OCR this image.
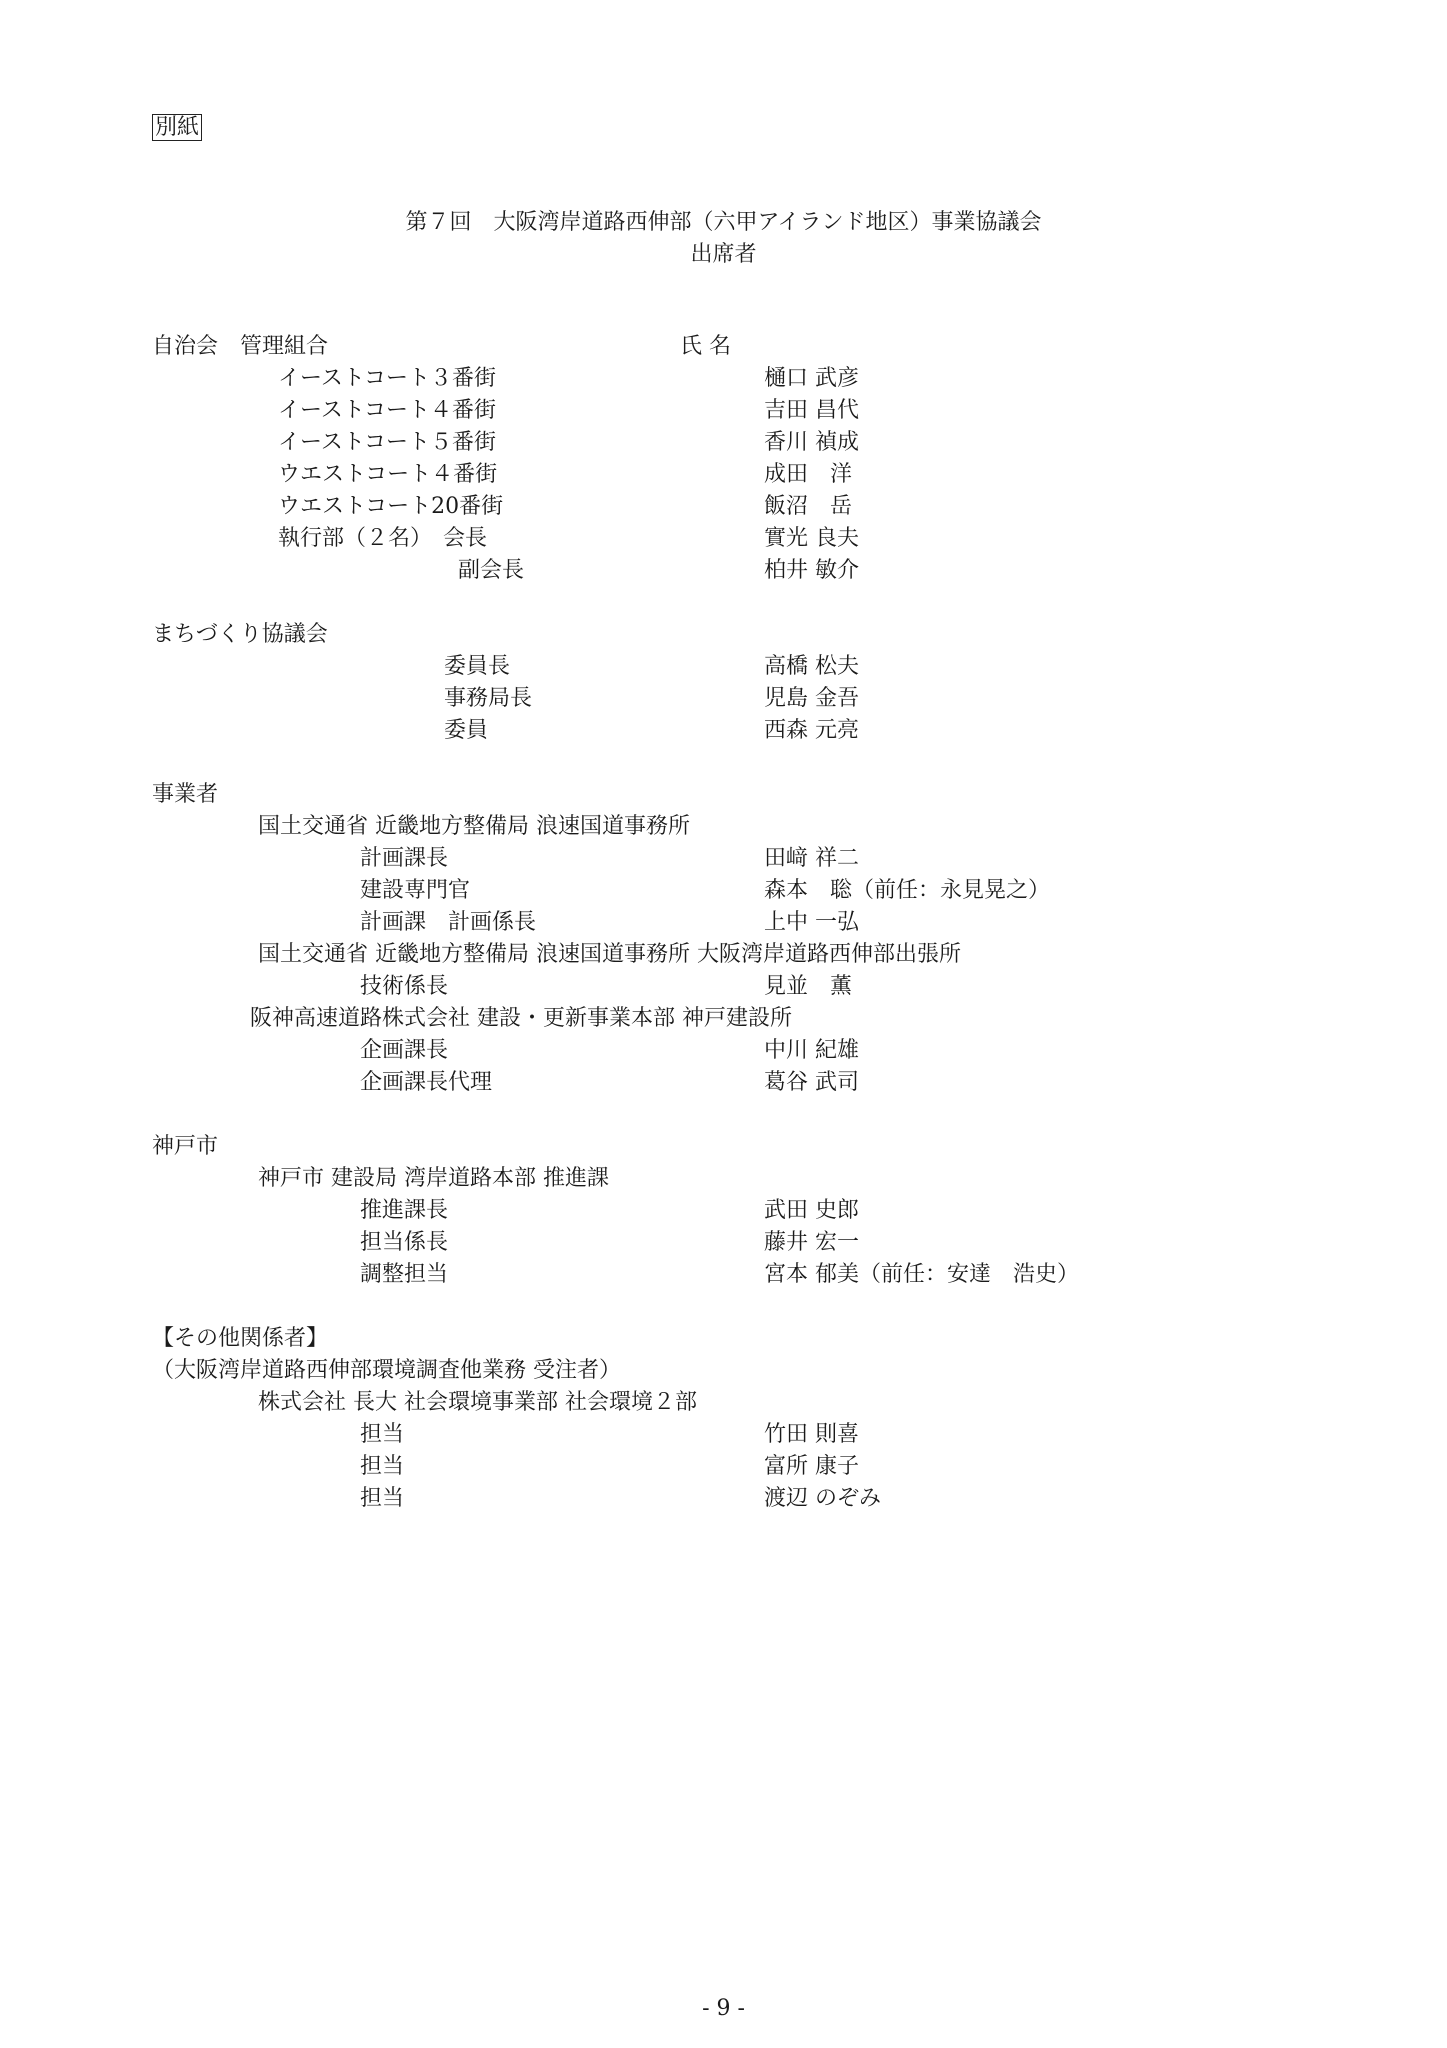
別紙
第７回　大阪湾岸道路西伸部（六甲アイランド地区）事業協議会
出席者
自治会　管理組合	氏 名
イーストコート３番街	樋口 武彦
イーストコート４番街	吉田 昌代
イーストコート５番街	香川 禎成
ウエストコート４番街	成田　洋
ウエストコート20番街	飯沼　岳
執行部（２名）　会長	實光 良夫
副会長	柏井 敏介
まちづくり協議会
委員長	高橋 松夫
事務局長	児島 金吾
委員	西森 元亮
事業者
国土交通省 近畿地方整備局 浪速国道事務所
計画課長	田﨑 祥二
建設専門官	森本　聡（前任：永見晃之）
計画課　計画係長	上中 一弘
国土交通省 近畿地方整備局 浪速国道事務所 大阪湾岸道路西伸部出張所
技術係長	見並　薫
阪神高速道路株式会社 建設・更新事業本部 神戸建設所
企画課長	中川 紀雄
企画課長代理	葛谷 武司
神戸市
神戸市 建設局 湾岸道路本部 推進課
推進課長	武田 史郎
担当係長	藤井 宏一
調整担当	宮本 郁美（前任：安達　浩史）
【その他関係者】
（大阪湾岸道路西伸部環境調査他業務 受注者）
株式会社 長大 社会環境事業部 社会環境２部
担当	竹田 則喜
担当	富所 康子
担当	渡辺 のぞみ
- 9 -
